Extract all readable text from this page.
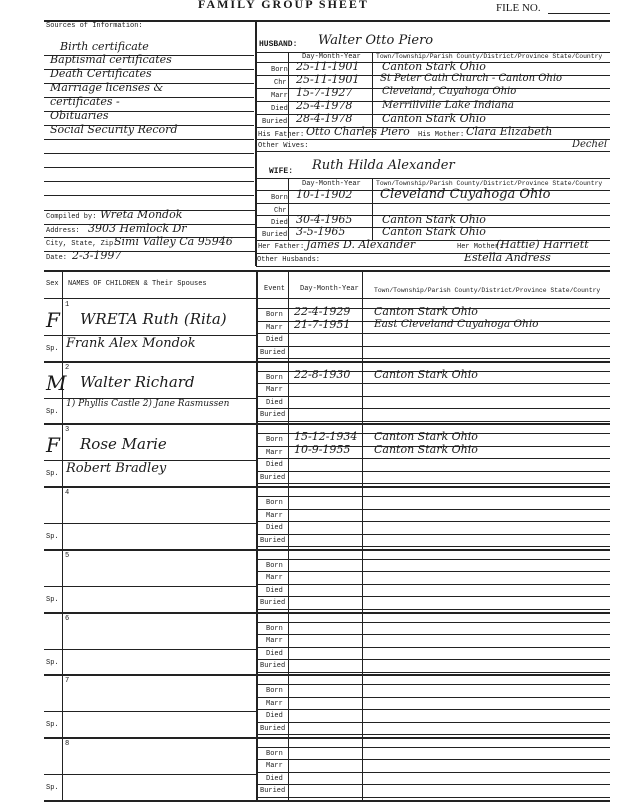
FAMILY GROUP SHEET	FILE NO.
Sources of Information:
Birth certificate
Baptismal certificates
Death Certificates
Marriage licenses &
certificates -
Obituaries
Social Security Record
HUSBAND: Walter Otto Piero
Day-Month-Year Town/Township/Parish County/District/Province State/Country
Born 25-11-1901 Canton Stark Ohio
Chr 25-11-1901 St Peter Cath Church - Canton Ohio
Marr 15-7-1927	Cleveland, Cuyahoga Ohio
Died 25-4-1978	Merrillville Lake Indiana
Buried 28-4-1978	Canton Stark Ohio
His Father: Otto Charles Piero His Mother: Clara Elizabeth
Dechel
Other Wives:
WIFE: Ruth Hilda Alexander
Day-Month-Year Town/Township/Parish County/District/Province State/Country
Born 10-1-1902 Cleveland Cuyahoga Ohio
Chr
Died 30-4-1965	Canton Stark Ohio
Buried 3-5-1965	Canton Stark Ohio
Her Father: James D. Alexander	Her Mother:
(Hattie) Harriett
Other Husbands:	Estella Andress
Compiled by: Wreta Mondok
Address: 3903 Hemlock Dr
City, State, Zip:
Simi Valley Ca 95946
Date: 2-3-1997
Sex NAMES OF CHILDREN & Their Spouses
Event Day-Month-Year Town/Township/Parish County/District/Province State/Country
1
F WRETA Ruth (Rita)
Sp. Frank Alex Mondok
Born 22-4-1929 Canton Stark Ohio
Marr 21-7-1951 East Cleveland Cuyahoga Ohio
Died
Buried
2
M Walter Richard
Sp.
1) Phyllis Castle 2) Jane Rasmussen
Born 22-8-1930 Canton Stark Ohio
Marr
Died
Buried
3
F Rose Marie
Sp. Robert Bradley
Born 15-12-1934 Canton Stark Ohio
Marr 10-9-1955 Canton Stark Ohio
Died
Buried
4
Sp.
Born
Marr
Died
Buried
5
Sp.
Born
Marr
Died
Buried
6
Sp.
Born
Marr
Died
Buried
7
Sp.
Born
Marr
Died
Buried
8
Sp.
Born
Marr
Died
Buried
